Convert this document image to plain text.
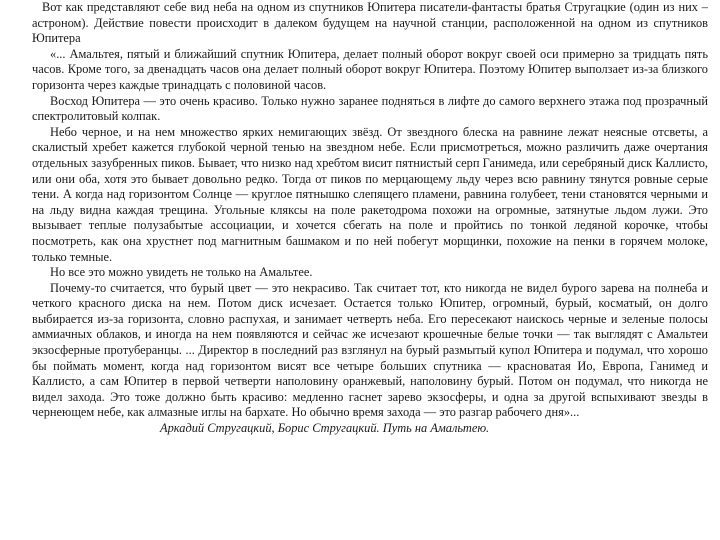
Вот как представляют себе вид неба на одном из спутников Юпитера писатели-фантасты братья Стругацкие (один из них – астроном). Действие повести происходит в далеком будущем на научной станции, расположенной на одном из спутников Юпитера

«... Амальтея, пятый и ближайший спутник Юпитера, делает полный оборот вокруг своей оси примерно за тридцать пять часов. Кроме того, за двенадцать часов она делает полный оборот вокруг Юпитера. Поэтому Юпитер выползает из-за близкого горизонта через каждые тринадцать с половиной часов.

Восход Юпитера — это очень красиво. Только нужно заранее подняться в лифте до самого верхнего этажа под прозрачный спектролитовый колпак.

Небо черное, и на нем множество ярких немигающих звёзд. От звездного блеска на равнине лежат неясные отсветы, а скалистый хребет кажется глубокой черной тенью на звездном небе. Если присмотреться, можно различить даже очертания отдельных зазубренных пиков. Бывает, что низко над хребтом висит пятнистый серп Ганимеда, или серебряный диск Каллисто, или они оба, хотя это бывает довольно редко. Тогда от пиков по мерцающему льду через всю равнину тянутся ровные серые тени. А когда над горизонтом Солнце — круглое пятнышко слепящего пламени, равнина голубеет, тени становятся черными и на льду видна каждая трещина. Угольные кляксы на поле ракетодрома похожи на огромные, затянутые льдом лужи. Это вызывает теплые полузабытые ассоциации, и хочется сбегать на поле и пройтись по тонкой ледяной корочке, чтобы посмотреть, как она хрустнет под магнитным башмаком и по ней побегут морщинки, похожие на пенки в горячем молоке, только темные.

Но все это можно увидеть не только на Амальтее.

Почему-то считается, что бурый цвет — это некрасиво. Так считает тот, кто никогда не видел бурого зарева на полнеба и четкого красного диска на нем. Потом диск исчезает. Остается только Юпитер, огромный, бурый, косматый, он долго выбирается из-за горизонта, словно распухая, и занимает четверть неба. Его пересекают наискось черные и зеленые полосы аммиачных облаков, и иногда на нем появляются и сейчас же исчезают крошечные белые точки — так выглядят с Амальтеи экзосферные протуберанцы. ... Директор в последний раз взглянул на бурый размытый купол Юпитера и подумал, что хорошо бы поймать момент, когда над горизонтом висят все четыре больших спутника — красноватая Ио, Европа, Ганимед и Каллисто, а сам Юпитер в первой четверти наполовину оранжевый, наполовину бурый. Потом он подумал, что никогда не видел захода. Это тоже должно быть красиво: медленно гаснет зарево экзосферы, и одна за другой вспыхивают звезды в чернеющем небе, как алмазные иглы на бархате. Но обычно время захода — это разгар рабочего дня»...

Аркадий Стругацкий, Борис Стругацкий. Путь на Амальтею.
